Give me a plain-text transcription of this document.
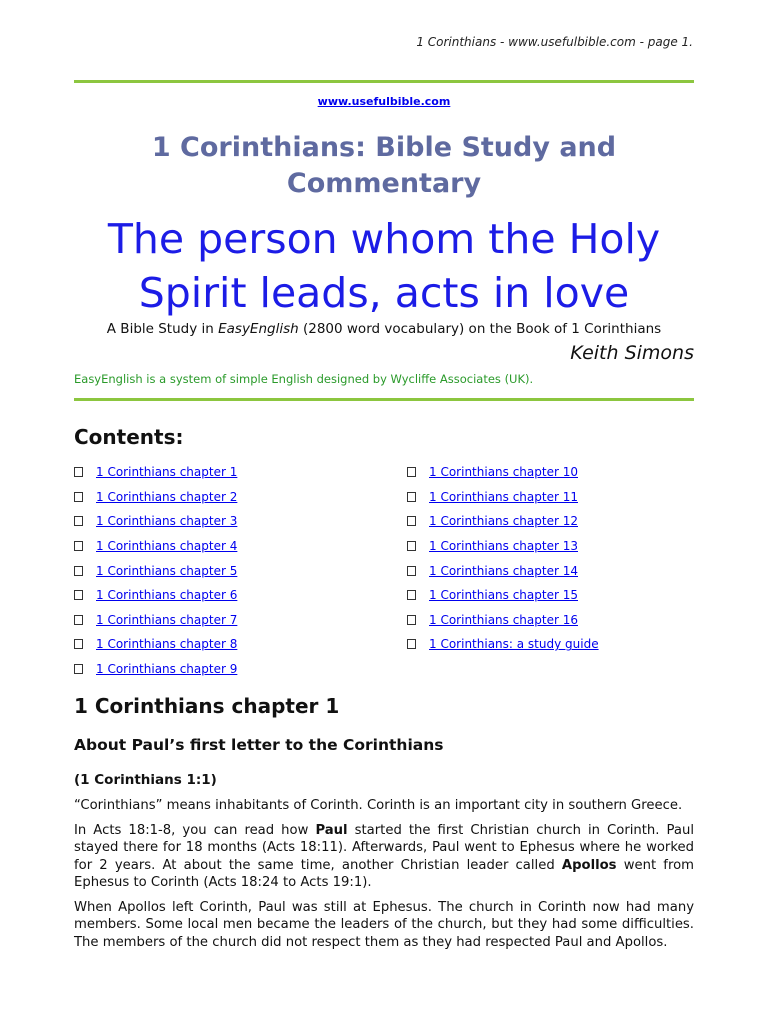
1 Corinthians - www.usefulbible.com - page 1.
www.usefulbible.com
1 Corinthians: Bible Study and Commentary
The person whom the Holy Spirit leads, acts in love
A Bible Study in EasyEnglish (2800 word vocabulary) on the Book of 1 Corinthians
Keith Simons
EasyEnglish is a system of simple English designed by Wycliffe Associates (UK).
Contents:
1 Corinthians chapter 1
1 Corinthians chapter 2
1 Corinthians chapter 3
1 Corinthians chapter 4
1 Corinthians chapter 5
1 Corinthians chapter 6
1 Corinthians chapter 7
1 Corinthians chapter 8
1 Corinthians chapter 9
1 Corinthians chapter 10
1 Corinthians chapter 11
1 Corinthians chapter 12
1 Corinthians chapter 13
1 Corinthians chapter 14
1 Corinthians chapter 15
1 Corinthians chapter 16
1 Corinthians: a study guide
1 Corinthians chapter 1
About Paul’s first letter to the Corinthians
(1 Corinthians 1:1)
“Corinthians” means inhabitants of Corinth. Corinth is an important city in southern Greece.
In Acts 18:1-8, you can read how Paul started the first Christian church in Corinth. Paul stayed there for 18 months (Acts 18:11). Afterwards, Paul went to Ephesus where he worked for 2 years. At about the same time, another Christian leader called Apollos went from Ephesus to Corinth (Acts 18:24 to Acts 19:1).
When Apollos left Corinth, Paul was still at Ephesus. The church in Corinth now had many members. Some local men became the leaders of the church, but they had some difficulties. The members of the church did not respect them as they had respected Paul and Apollos.
